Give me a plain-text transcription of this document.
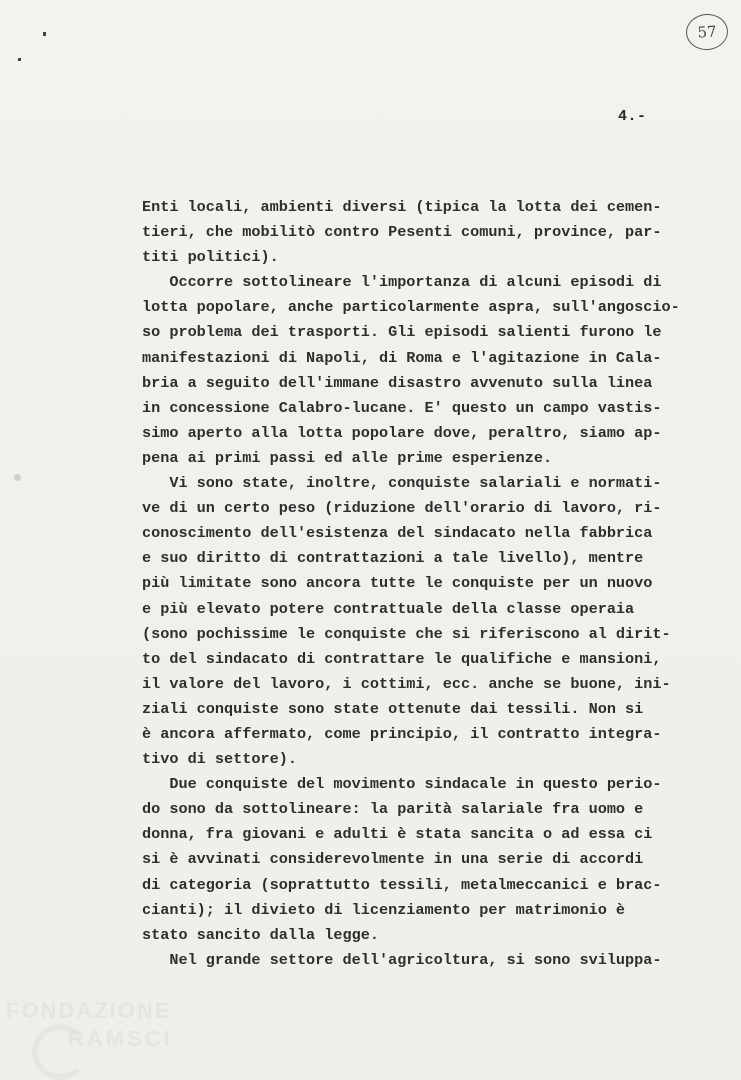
57
4.-
Enti locali, ambienti diversi (tipica la lotta dei cemen-
tieri, che mobilitò contro Pesenti comuni, province, par-
titi politici).
Occorre sottolineare l'importanza di alcuni episodi di
lotta popolare, anche particolarmente aspra, sull'angoscio-
so problema dei trasporti. Gli episodi salienti furono le
manifestazioni di Napoli, di Roma e l'agitazione in Cala-
bria a seguito dell'immane disastro avvenuto sulla linea
in concessione Calabro-lucane. E' questo un campo vastis-
simo aperto alla lotta popolare dove, peraltro, siamo ap-
pena ai primi passi ed alle prime esperienze.
Vi sono state, inoltre, conquiste salariali e normati-
ve di un certo peso (riduzione dell'orario di lavoro, ri-
conoscimento dell'esistenza del sindacato nella fabbrica
e suo diritto di contrattazioni a tale livello), mentre
più limitate sono ancora tutte le conquiste per un nuovo
e più elevato potere contrattuale della classe operaia
(sono pochissime le conquiste che si riferiscono al dirit-
to del sindacato di contrattare le qualifiche e mansioni,
il valore del lavoro, i cottimi, ecc. anche se buone, ini-
ziali conquiste sono state ottenute dai tessili. Non si
è ancora affermato, come principio, il contratto integra-
tivo di settore).
Due conquiste del movimento sindacale in questo perio-
do sono da sottolineare: la parità salariale fra uomo e
donna, fra giovani e adulti è stata sancita o ad essa ci
si è avvinati considerevolmente in una serie di accordi
di categoria (soprattutto tessili, metalmeccanici e brac-
cianti); il divieto di licenziamento per matrimonio è
stato sancito dalla legge.
Nel grande settore dell'agricoltura, si sono sviluppa-
FONDAZIONE
RAMSCI
